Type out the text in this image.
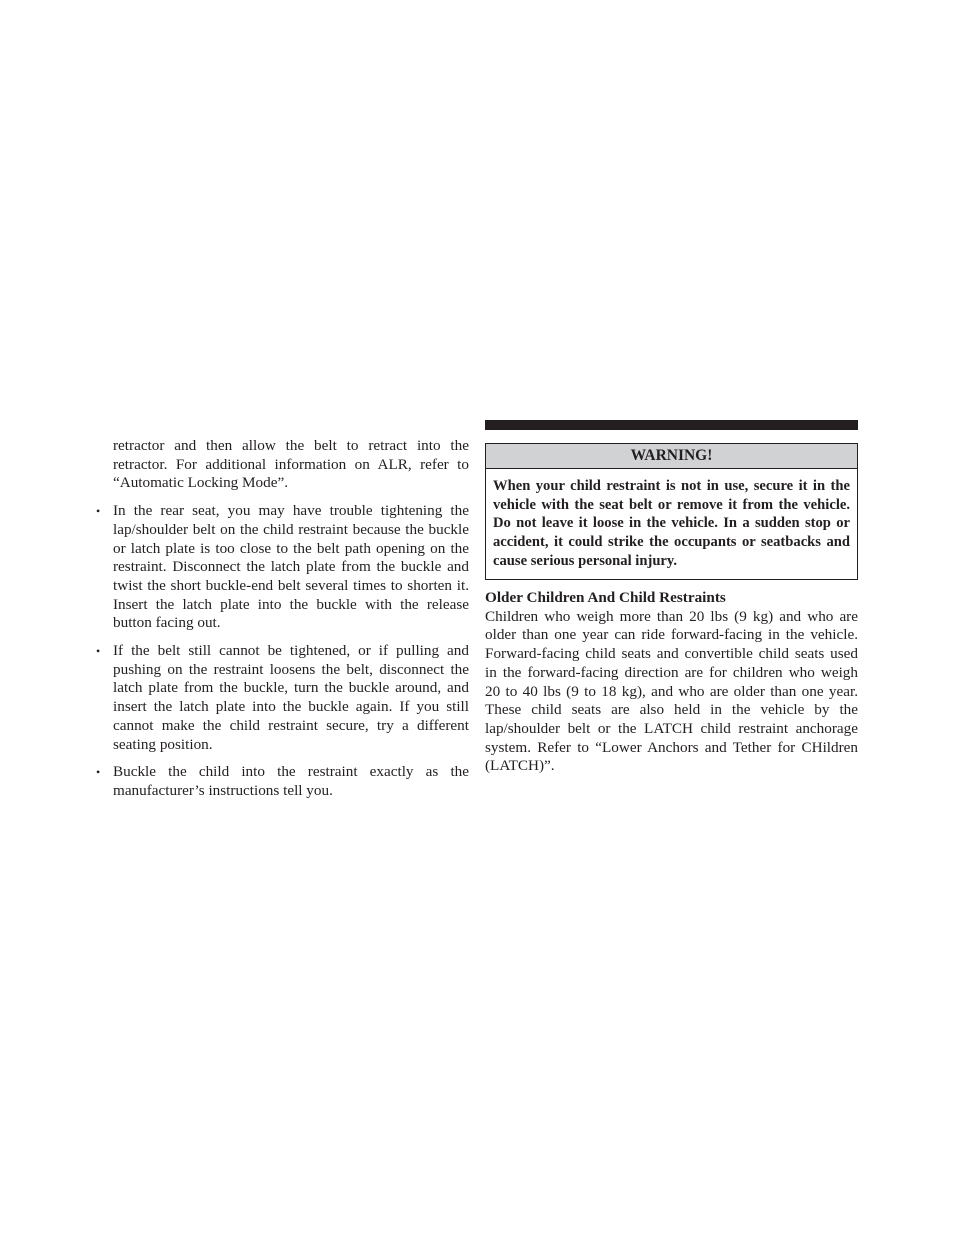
retractor and then allow the belt to retract into the retractor. For additional information on ALR, refer to “Automatic Locking Mode”.

• In the rear seat, you may have trouble tightening the lap/shoulder belt on the child restraint because the buckle or latch plate is too close to the belt path opening on the restraint. Disconnect the latch plate from the buckle and twist the short buckle-end belt several times to shorten it. Insert the latch plate into the buckle with the release button facing out.
• If the belt still cannot be tightened, or if pulling and pushing on the restraint loosens the belt, disconnect the latch plate from the buckle, turn the buckle around, and insert the latch plate into the buckle again. If you still cannot make the child restraint secure, try a different seating position.
• Buckle the child into the restraint exactly as the manufacturer’s instructions tell you.
WARNING!
When your child restraint is not in use, secure it in the vehicle with the seat belt or remove it from the vehicle. Do not leave it loose in the vehicle. In a sudden stop or accident, it could strike the occupants or seatbacks and cause serious personal injury.

Older Children And Child Restraints

Children who weigh more than 20 lbs (9 kg) and who are older than one year can ride forward-facing in the vehicle. Forward-facing child seats and convertible child seats used in the forward-facing direction are for children who weigh 20 to 40 lbs (9 to 18 kg), and who are older than one year. These child seats are also held in the vehicle by the lap/shoulder belt or the LATCH child restraint anchorage system. Refer to “Lower Anchors and Tether for CHildren (LATCH)”.
